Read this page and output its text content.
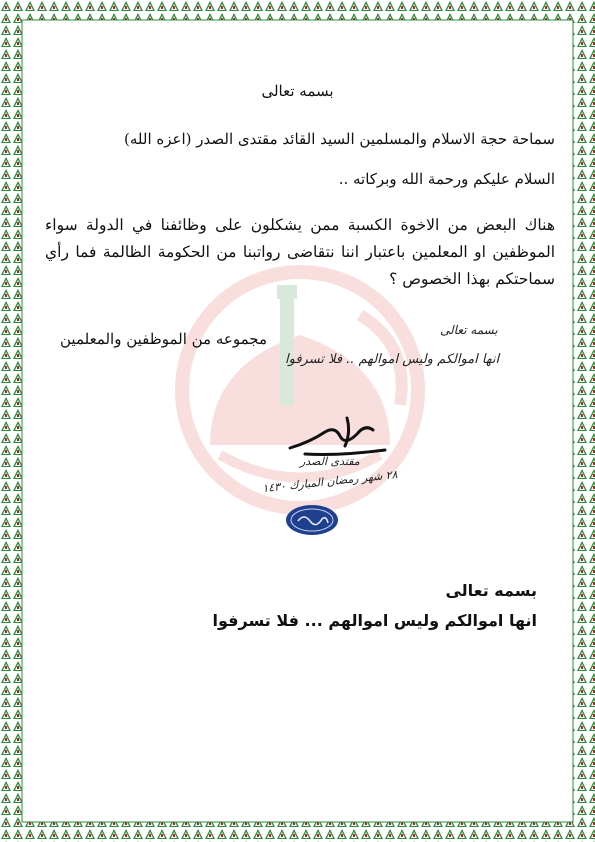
بسمه تعالى
سماحة حجة الاسلام والمسلمين السيد القائد مقتدى الصدر (اعزه الله)
السلام عليكم ورحمة الله وبركاته ..
هناك البعض من الاخوة الكسبة ممن يشكلون على وظائفنا في الدولة سواء الموظفين او المعلمين باعتبار اننا نتقاضى رواتبنا من الحكومة الظالمة فما رأي سماحتكم بهذا الخصوص ؟
مجموعه من الموظفين والمعلمين	بسمه تعالى
انها اموالكم وليس اموالهم .. فلا تسرفوا
مقتدى الصدر
٢٨ شهر رمضان المبارك ١٤٣٠
بسمه تعالى
انها اموالكم وليس اموالهم ... فلا تسرفوا
